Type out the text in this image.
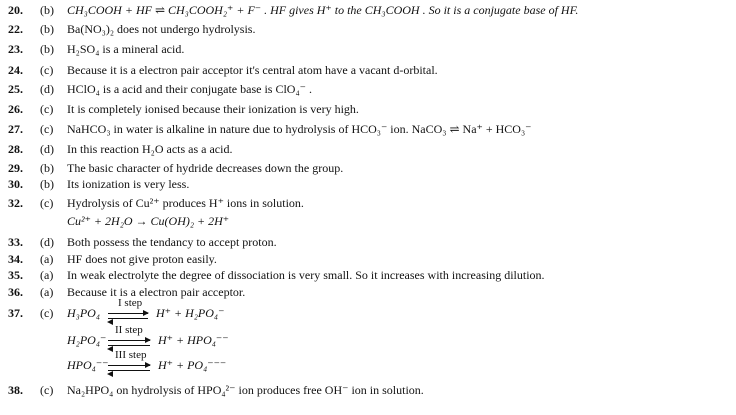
20.	(b)	CH₃COOH + HF ⇌ CH₃COOH₂⁺ + F⁻ . HF gives H⁺ to the CH₃COOH . So it is a conjugate base of HF.
22.	(b)	Ba(NO₃)₂ does not undergo hydrolysis.
23.	(b)	H₂SO₄ is a mineral acid.
24.	(c)	Because it is a electron pair acceptor it's central atom have a vacant d-orbital.
25.	(d)	HClO₄ is a acid and their conjugate base is ClO₄⁻ .
26.	(c)	It is completely ionised because their ionization is very high.
27.	(c)	NaHCO₃ in water is alkaline in nature due to hydrolysis of HCO₃⁻ ion. NaCO₃ ⇌ Na⁺ + HCO₃⁻
28.	(d)	In this reaction H₂O acts as a acid.
29.	(b)	The basic character of hydride decreases down the group.
30.	(b)	Its ionization is very less.
32.	(c)	Hydrolysis of Cu²⁺ produces H⁺ ions in solution.
Cu²⁺ + 2H₂O → Cu(OH)₂ + 2H⁺
33.	(d)	Both possess the tendancy to accept proton.
34.	(a)	HF does not give proton easily.
35.	(a)	In weak electrolyte the degree of dissociation is very small. So it increases with increasing dilution.
36.	(a)	Because it is a electron pair acceptor.
37.	(c)	H₃PO₄
I step
H⁺ + H₂PO₄⁻
H₂PO₄⁻
II step
H⁺ + HPO₄⁻⁻
HPO₄⁻⁻
III step
H⁺ + PO₄⁻⁻⁻
38.	(c)	Na₂HPO₄ on hydrolysis of HPO₄²⁻ ion produces free OH⁻ ion in solution.
